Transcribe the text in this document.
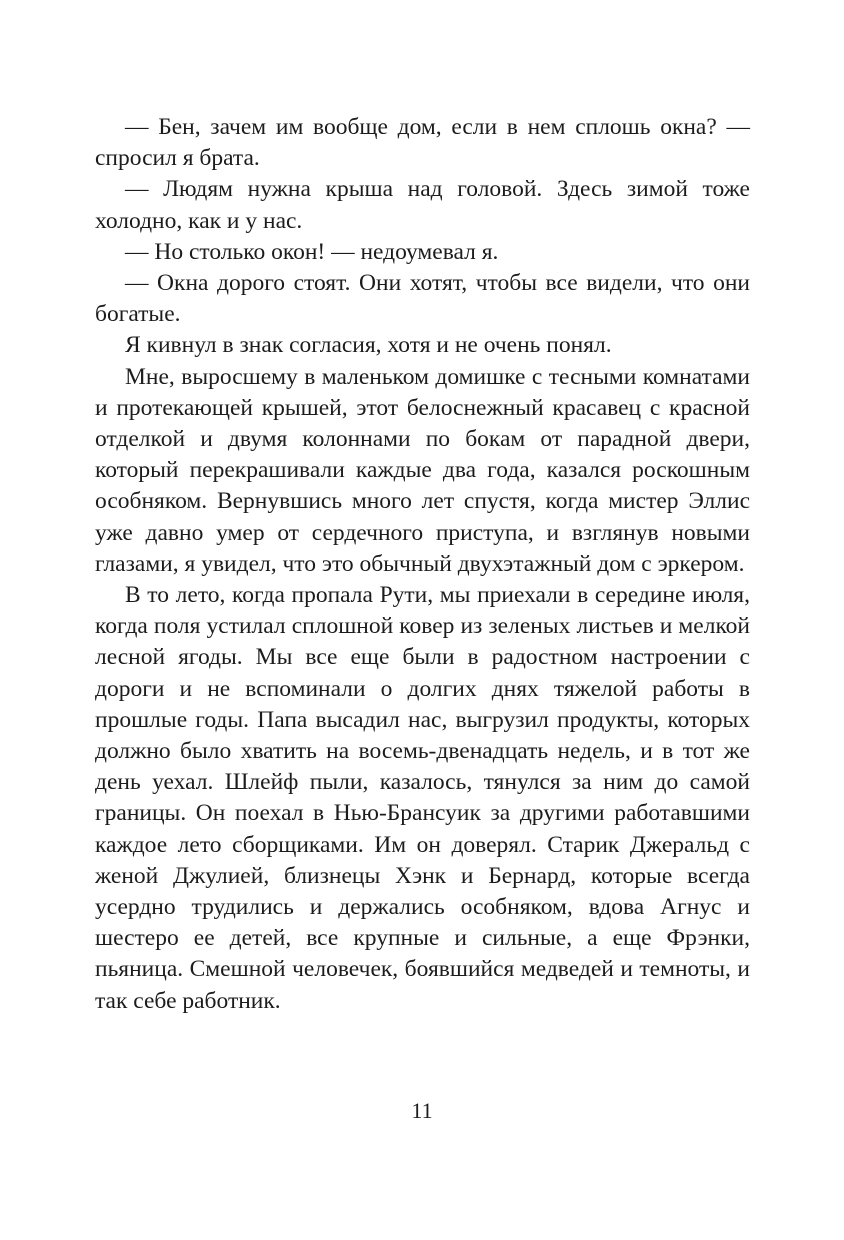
— Бен, зачем им вообще дом, если в нем сплошь окна? — спросил я брата.

— Людям нужна крыша над головой. Здесь зимой тоже холодно, как и у нас.

— Но столько окон! — недоумевал я.

— Окна дорого стоят. Они хотят, чтобы все видели, что они богатые.

Я кивнул в знак согласия, хотя и не очень понял.

Мне, выросшему в маленьком домишке с тесными комнатами и протекающей крышей, этот белоснежный красавец с красной отделкой и двумя колоннами по бокам от парадной двери, который перекрашивали каждые два года, казался роскошным особняком. Вернувшись много лет спустя, когда мистер Эллис уже давно умер от сердечного приступа, и взглянув новыми глазами, я увидел, что это обычный двухэтажный дом с эркером.

В то лето, когда пропала Рути, мы приехали в середине июля, когда поля устилал сплошной ковер из зеленых листьев и мелкой лесной ягоды. Мы все еще были в радостном настроении с дороги и не вспоминали о долгих днях тяжелой работы в прошлые годы. Папа высадил нас, выгрузил продукты, которых должно было хватить на восемь-двенадцать недель, и в тот же день уехал. Шлейф пыли, казалось, тянулся за ним до самой границы. Он поехал в Нью-Брансуик за другими работавшими каждое лето сборщиками. Им он доверял. Старик Джеральд с женой Джулией, близнецы Хэнк и Бернард, которые всегда усердно трудились и держались особняком, вдова Агнус и шестеро ее детей, все крупные и сильные, а еще Фрэнки, пьяница. Смешной человечек, боявшийся медведей и темноты, и так себе работник.

11
